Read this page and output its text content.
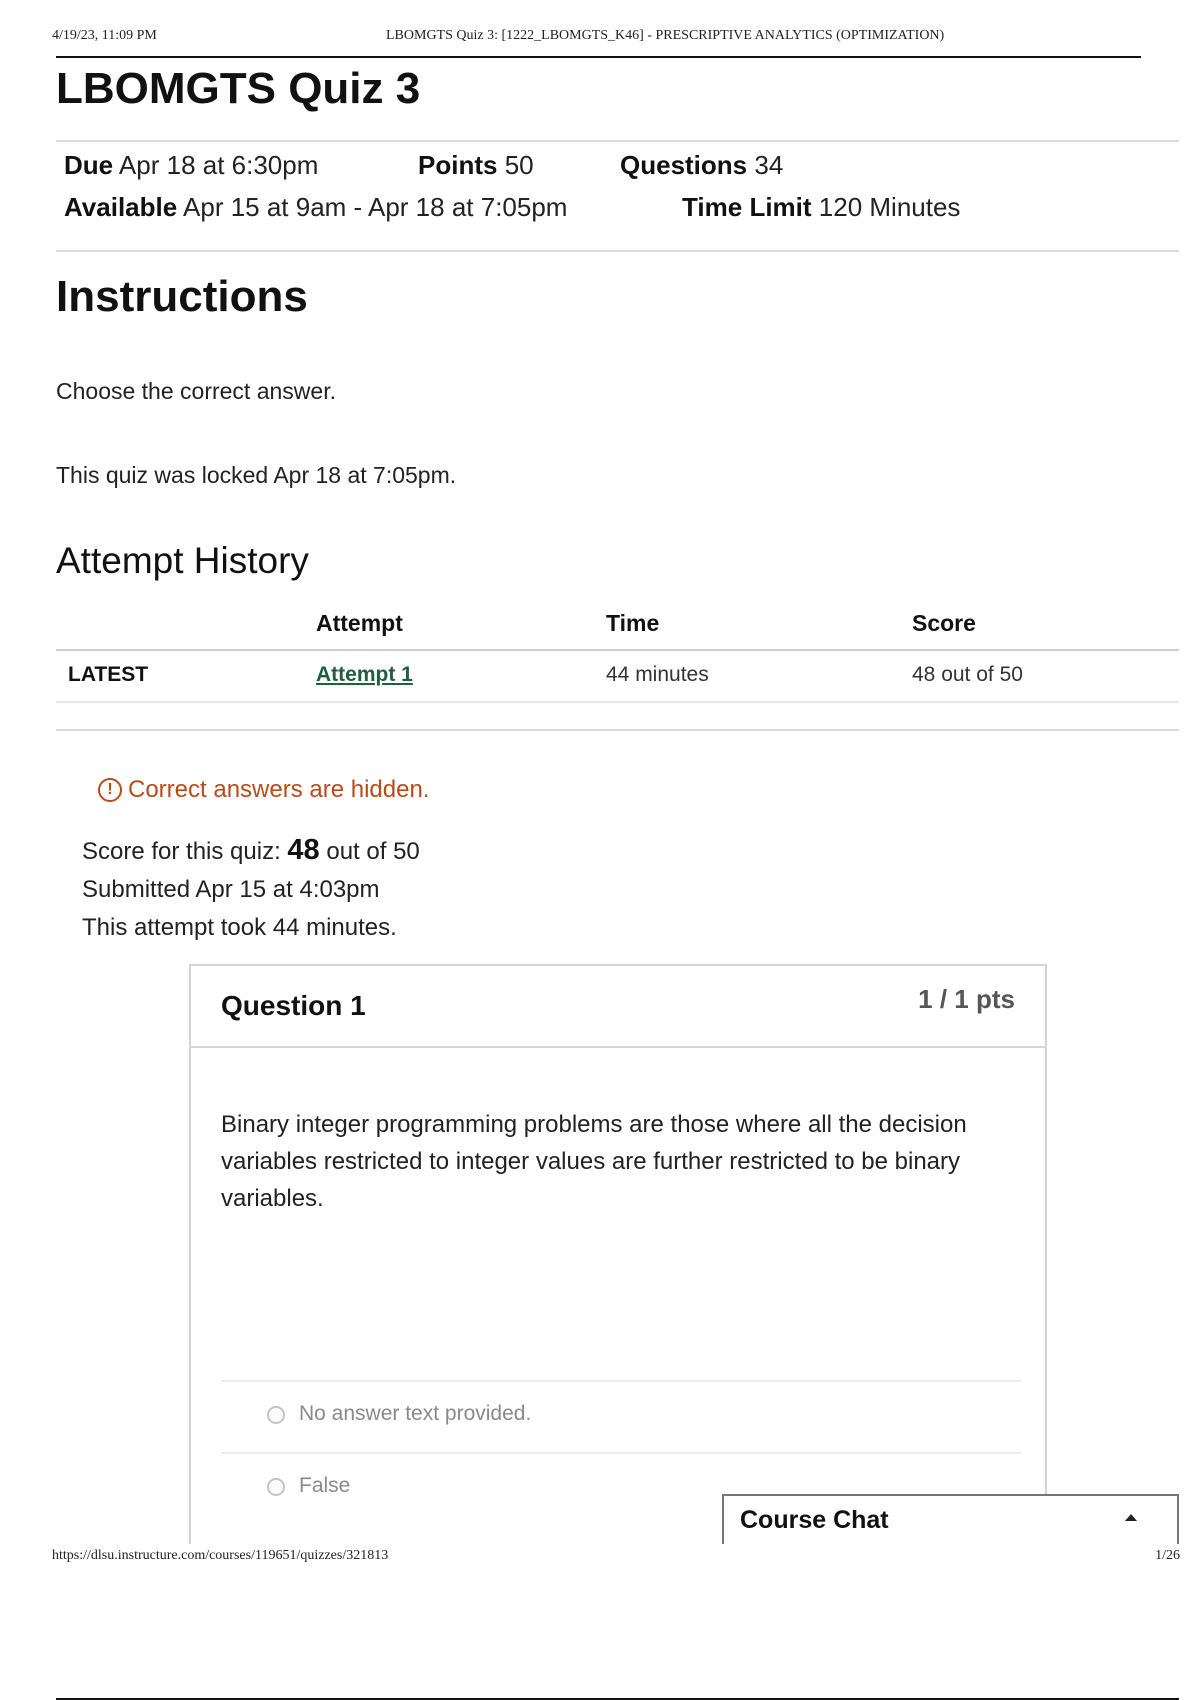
4/19/23, 11:09 PM	LBOMGTS Quiz 3: [1222_LBOMGTS_K46] - PRESCRIPTIVE ANALYTICS (OPTIMIZATION)
LBOMGTS Quiz 3
Due Apr 18 at 6:30pm	Points 50	Questions 34
Available Apr 15 at 9am - Apr 18 at 7:05pm	Time Limit 120 Minutes
Instructions

Choose the correct answer.

This quiz was locked Apr 18 at 7:05pm.

Attempt History
	Attempt	Time	Score
LATEST	Attempt 1	44 minutes	48 out of 50
! Correct answers are hidden.
Score for this quiz: 48 out of 50
Submitted Apr 15 at 4:03pm
This attempt took 44 minutes.
Question 1	1 / 1 pts

Binary integer programming problems are those where all the decision variables restricted to integer values are further restricted to be binary variables.

No answer text provided.
False
Course Chat
https://dlsu.instructure.com/courses/119651/quizzes/321813	1/26
